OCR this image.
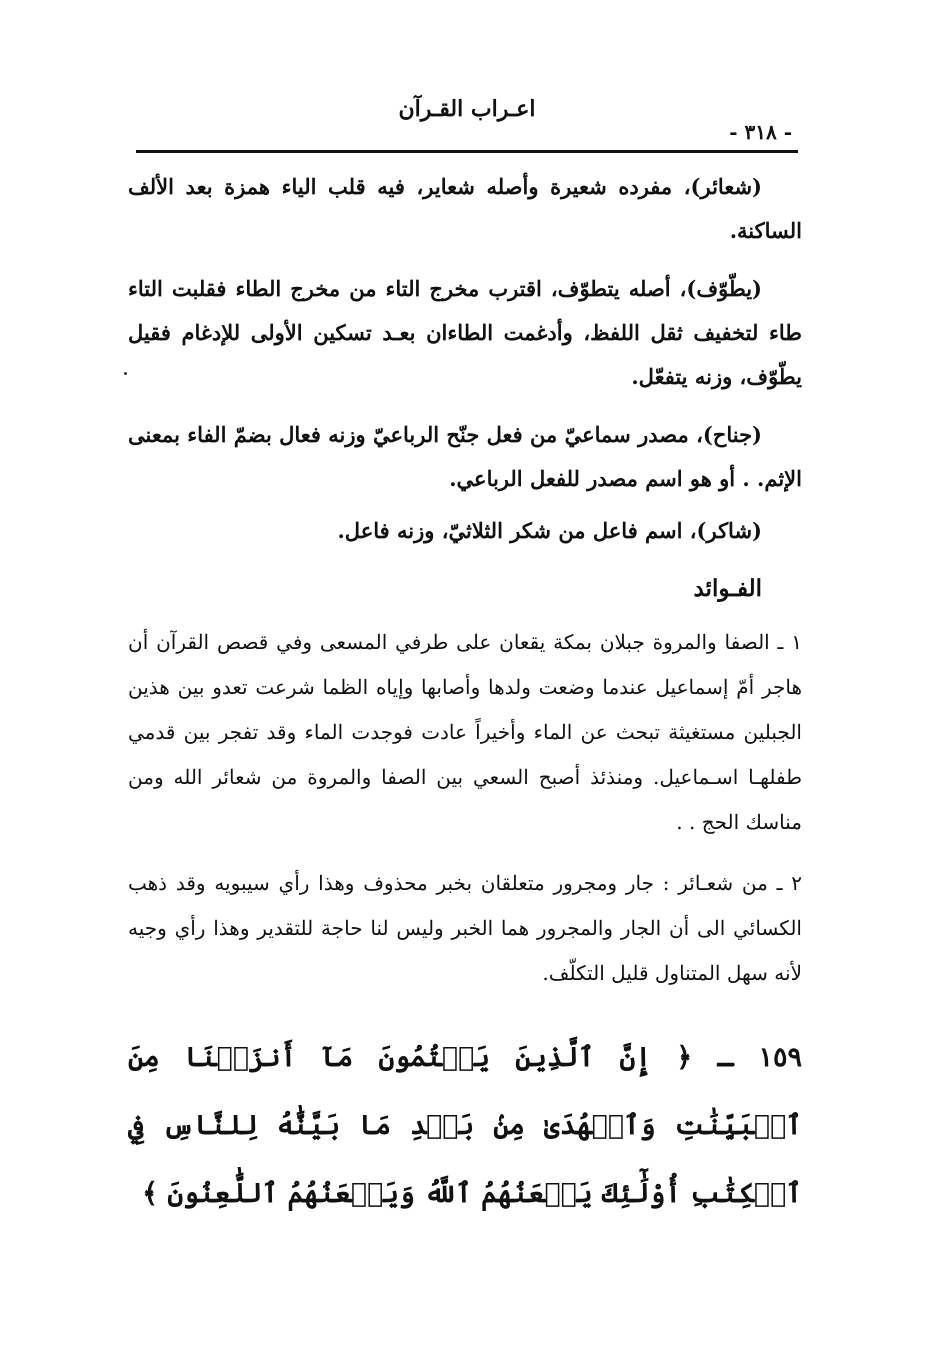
اعـراب القـرآن
- ٣١٨ -

(شعائر)، مفرده شعيرة وأصله شعاير، فيه قلب الياء همزة بعد الألف الساكنة.

(يطّوّف)، أصله يتطوّف، اقترب مخرج التاء من مخرج الطاء فقلبت التاء طاء لتخفيف ثقل اللفظ، وأدغمت الطاءان بعـد تسكين الأولى للإدغام فقيل يطّوّف، وزنه يتفعّل.

(جناح)، مصدر سماعيّ من فعل جنّح الرباعيّ وزنه فعال بضمّ الفاء بمعنى الإثم. . أو هو اسم مصدر للفعل الرباعي.

(شاكر)، اسم فاعل من شكر الثلاثيّ، وزنه فاعل.

الفـوائد

١ ـ الصفا والمروة جبلان بمكة يقعان على طرفي المسعى وفي قصص القرآن أن هاجر أمّ إسماعيل عندما وضعت ولدها وأصابها وإياه الظما شرعت تعدو بين هذين الجبلين مستغيثة تبحث عن الماء وأخيراً عادت فوجدت الماء وقد تفجر بين قدمي طفلهـا اسـماعيل. ومنذئذ أصبح السعي بين الصفا والمروة من شعائر الله ومن مناسك الحج . .

٢ ـ من شعـائر : جار ومجرور متعلقان بخبر محذوف وهذا رأي سيبويه وقد ذهب الكسائي الى أن الجار والمجرور هما الخبر وليس لنا حاجة للتقدير وهذا رأي وجيه لأنه سهل المتناول قليل التكلّف.

١٥٩ ـ ﴿ إِنَّ ٱلَّذِينَ يَكۡتُمُونَ مَآ أَنزَلۡنَا مِنَ ٱلۡبَيِّنَٰتِ وَٱلۡهُدَىٰ مِنۢ بَعۡدِ مَا بَيَّنَّٰهُ لِلنَّاسِ فِي ٱلۡكِتَٰبِ أُوْلَٰٓئِكَ يَلۡعَنُهُمُ ٱللَّهُ وَيَلۡعَنُهُمُ ٱللَّٰعِنُونَ ﴾
